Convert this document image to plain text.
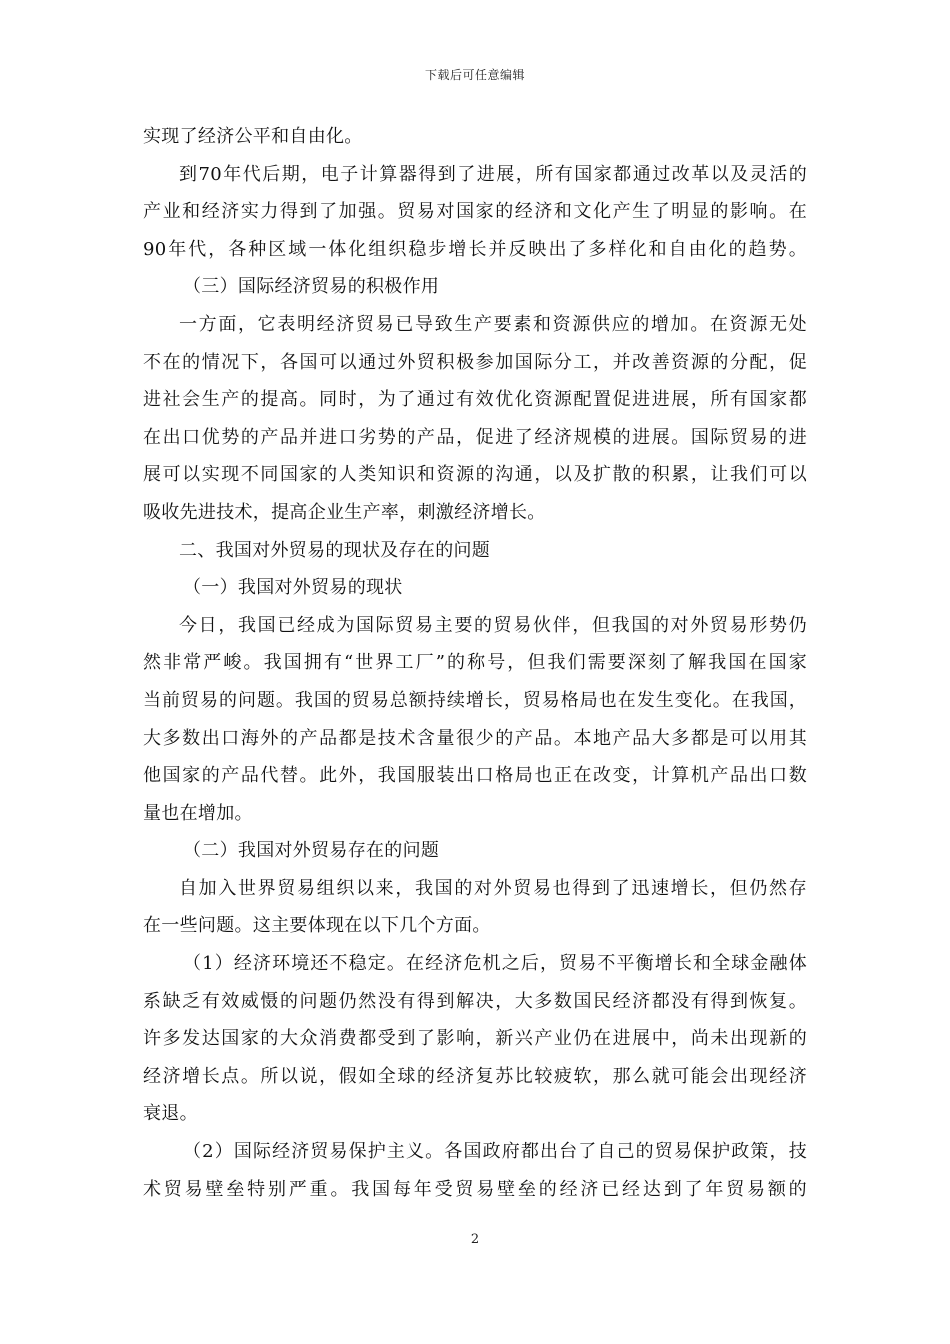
下载后可任意编辑
实现了经济公平和自由化。
到70年代后期，电子计算器得到了进展，所有国家都通过改革以及灵活的
产业和经济实力得到了加强。贸易对国家的经济和文化产生了明显的影响。在
90年代，各种区域一体化组织稳步增长并反映出了多样化和自由化的趋势。
（三）国际经济贸易的积极作用
一方面，它表明经济贸易已导致生产要素和资源供应的增加。在资源无处
不在的情况下，各国可以通过外贸积极参加国际分工，并改善资源的分配，促
进社会生产的提高。同时，为了通过有效优化资源配置促进进展，所有国家都
在出口优势的产品并进口劣势的产品，促进了经济规模的进展。国际贸易的进
展可以实现不同国家的人类知识和资源的沟通，以及扩散的积累，让我们可以
吸收先进技术，提高企业生产率，刺激经济增长。
二、我国对外贸易的现状及存在的问题
（一）我国对外贸易的现状
今日，我国已经成为国际贸易主要的贸易伙伴，但我国的对外贸易形势仍
然非常严峻。我国拥有“世界工厂”的称号，但我们需要深刻了解我国在国家
当前贸易的问题。我国的贸易总额持续增长，贸易格局也在发生变化。在我国，
大多数出口海外的产品都是技术含量很少的产品。本地产品大多都是可以用其
他国家的产品代替。此外，我国服装出口格局也正在改变，计算机产品出口数
量也在增加。
（二）我国对外贸易存在的问题
自加入世界贸易组织以来，我国的对外贸易也得到了迅速增长，但仍然存
在一些问题。这主要体现在以下几个方面。
（1）经济环境还不稳定。在经济危机之后，贸易不平衡增长和全球金融体
系缺乏有效威慑的问题仍然没有得到解决，大多数国民经济都没有得到恢复。
许多发达国家的大众消费都受到了影响，新兴产业仍在进展中，尚未出现新的
经济增长点。所以说，假如全球的经济复苏比较疲软，那么就可能会出现经济
衰退。
（2）国际经济贸易保护主义。各国政府都出台了自己的贸易保护政策，技
术贸易壁垒特别严重。我国每年受贸易壁垒的经济已经达到了年贸易额的
2
